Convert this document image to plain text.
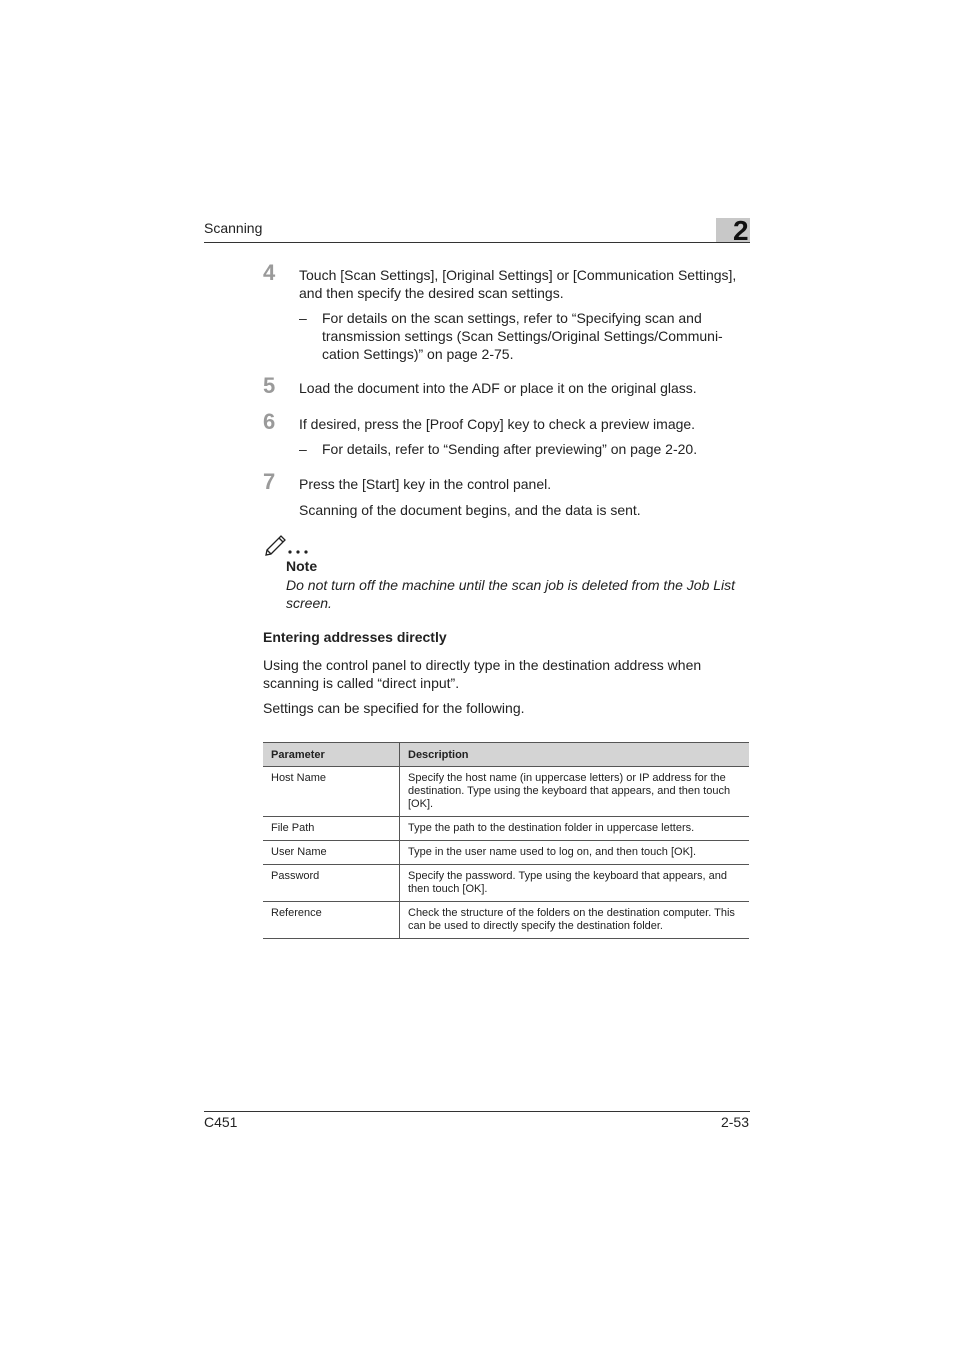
Scanning	2
4 Touch [Scan Settings], [Original Settings] or [Communication Settings],
and then specify the desired scan settings.
– For details on the scan settings, refer to “Specifying scan and
transmission settings (Scan Settings/Original Settings/Communi-
cation Settings)” on page 2-75.
5 Load the document into the ADF or place it on the original glass.
6 If desired, press the [Proof Copy] key to check a preview image.
– For details, refer to “Sending after previewing” on page 2-20.
7 Press the [Start] key in the control panel.
Scanning of the document begins, and the data is sent.
Note
Do not turn off the machine until the scan job is deleted from the Job List
screen.
Entering addresses directly
Using the control panel to directly type in the destination address when
scanning is called “direct input”.
Settings can be specified for the following.
Parameter	Description
Host Name	Specify the host name (in uppercase letters) or IP address for the
destination. Type using the keyboard that appears, and then touch
[OK].

File Path	Type the path to the destination folder in uppercase letters.

User Name	Type in the user name used to log on, and then touch [OK].

Password	Specify the password. Type using the keyboard that appears, and
then touch [OK].

Reference	Check the structure of the folders on the destination computer. This
can be used to directly specify the destination folder.
C451	2-53
